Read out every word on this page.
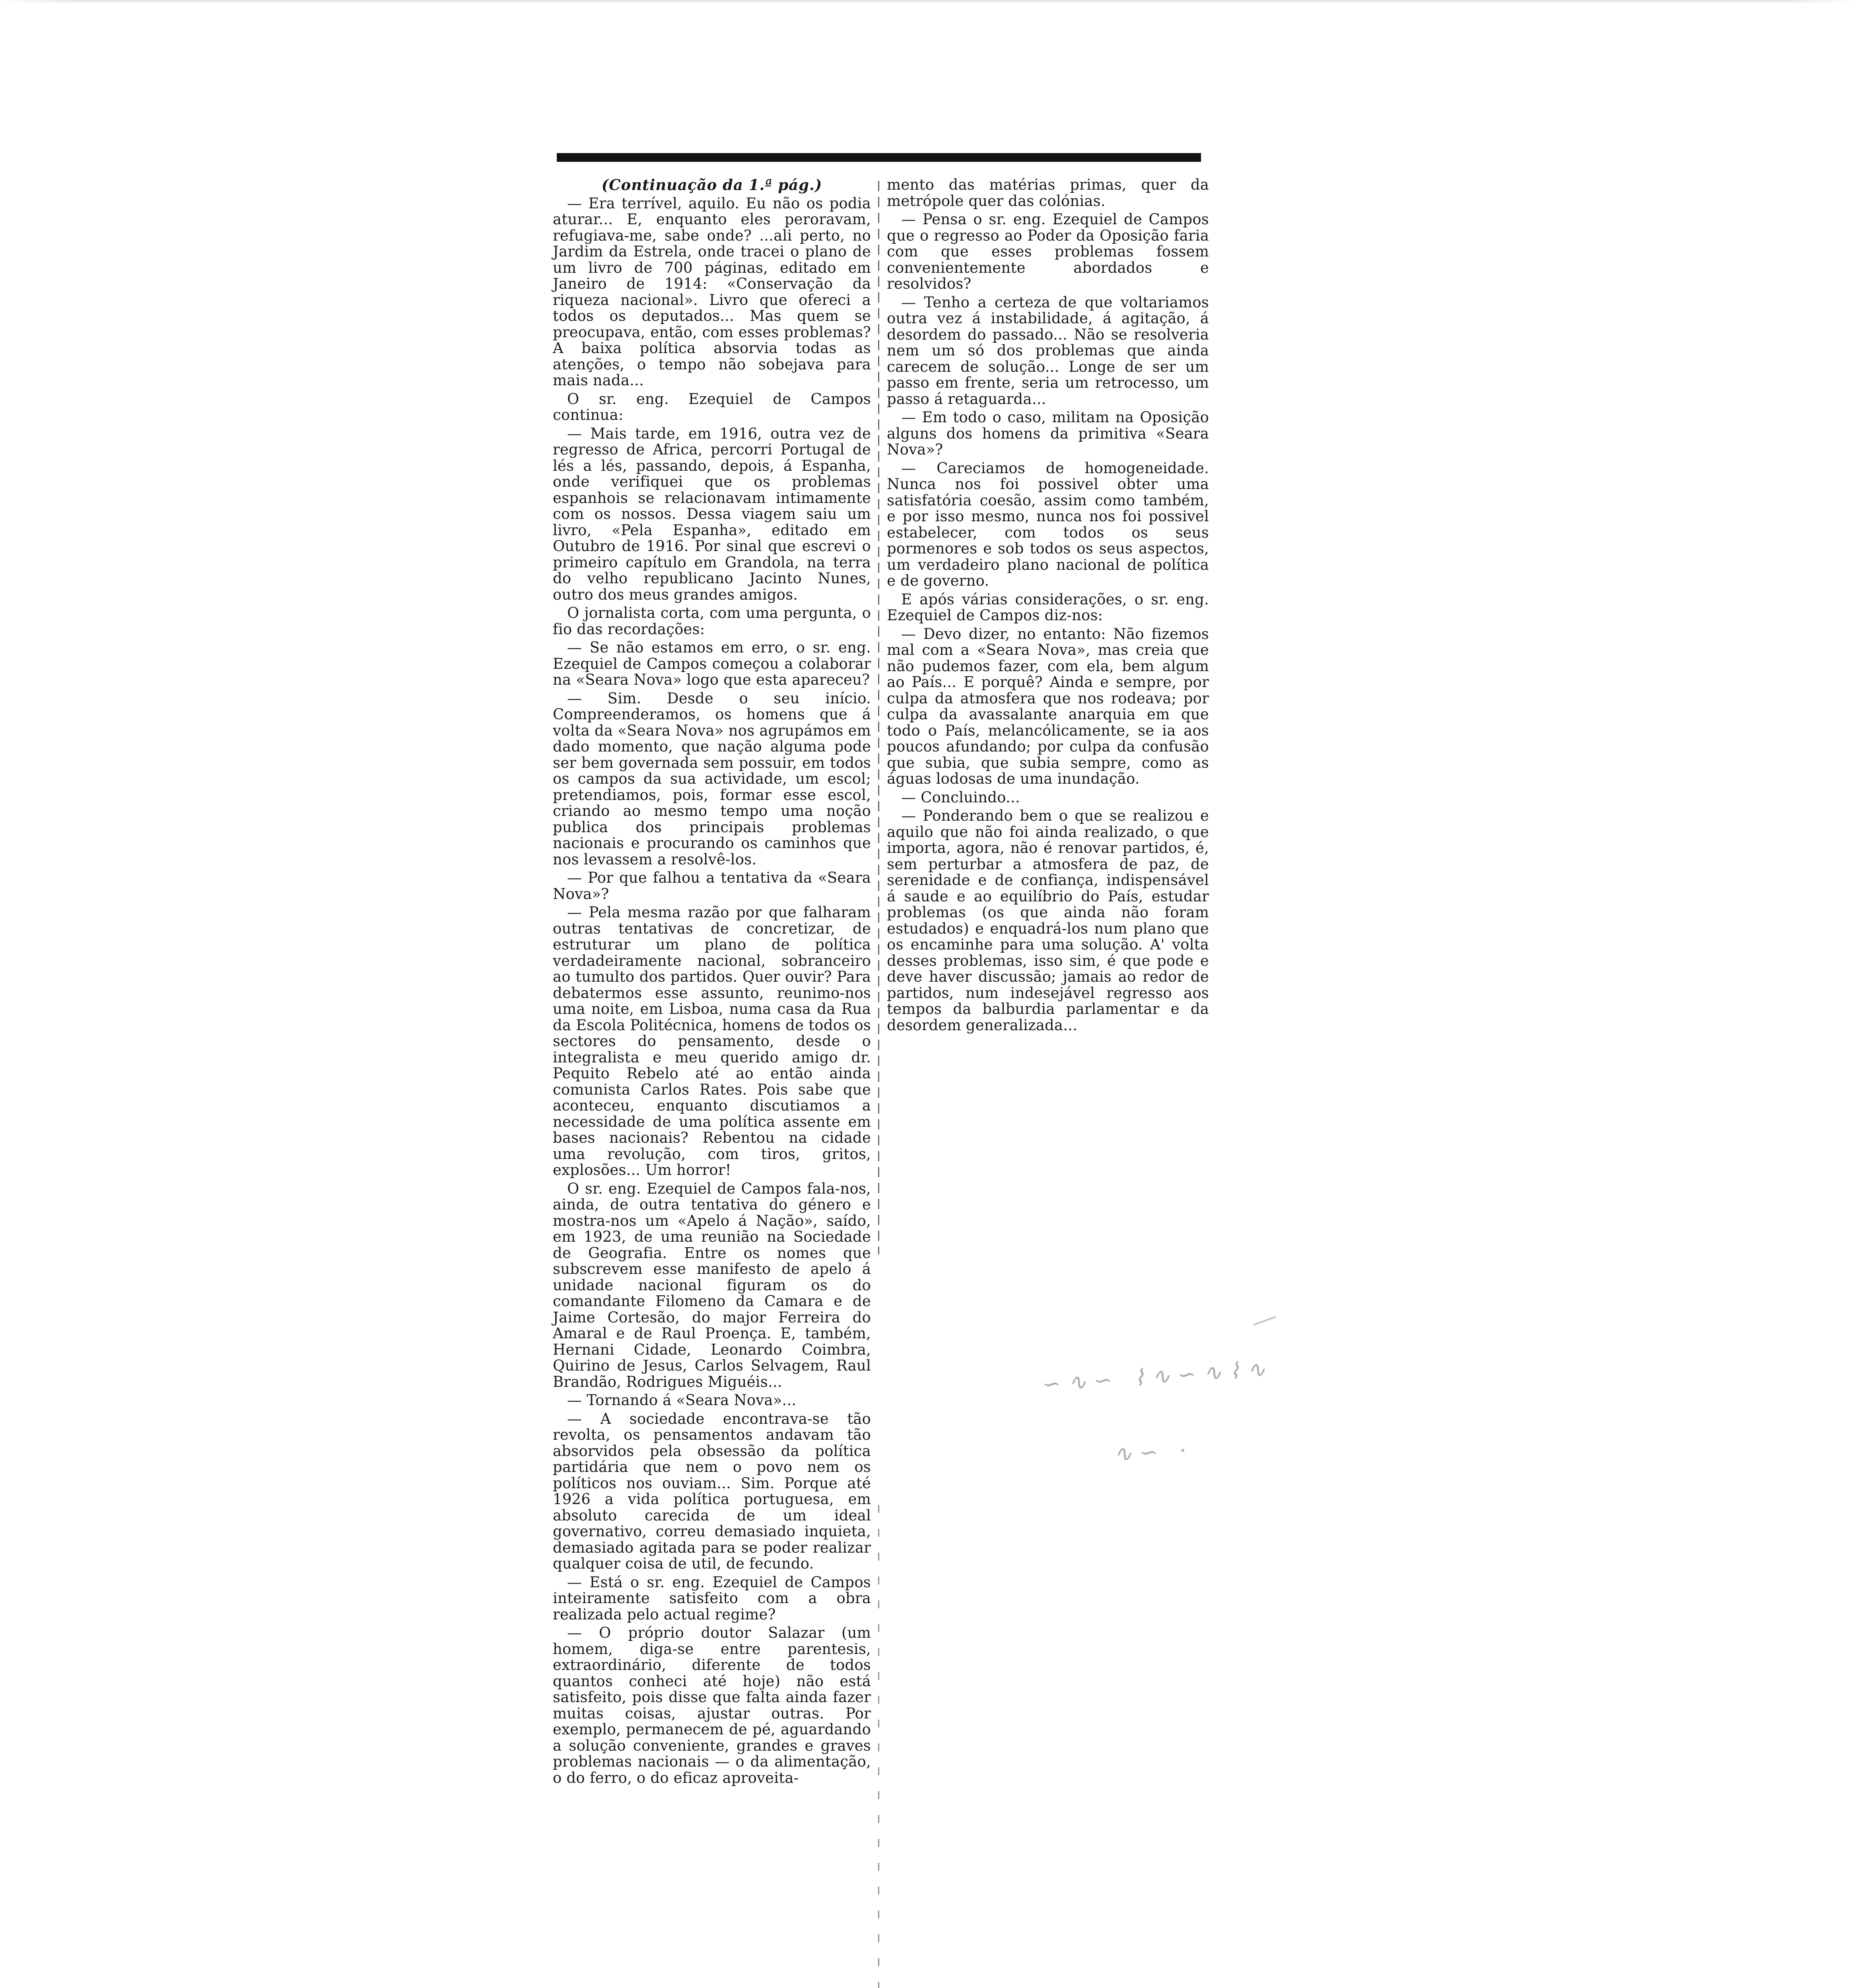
(Continuação da 1.ª pág.)

— Era terrível, aquilo. Eu não os podia aturar... E, enquanto eles peroravam, refugiava-me, sabe onde? ...ali perto, no Jardim da Estrela, onde tracei o plano de um livro de 700 páginas, editado em Janeiro de 1914: «Conservação da riqueza nacional». Livro que ofereci a todos os deputados... Mas quem se preocupava, então, com esses problemas? A baixa política absorvia todas as atenções, o tempo não sobejava para mais nada...

O sr. eng. Ezequiel de Campos continua:

— Mais tarde, em 1916, outra vez de regresso de Africa, percorri Portugal de lés a lés, passando, depois, á Espanha, onde verifiquei que os problemas espanhois se relacionavam intimamente com os nossos. Dessa viagem saiu um livro, «Pela Espanha», editado em Outubro de 1916. Por sinal que escrevi o primeiro capítulo em Grandola, na terra do velho republicano Jacinto Nunes, outro dos meus grandes amigos.

O jornalista corta, com uma pergunta, o fio das recordações:

— Se não estamos em erro, o sr. eng. Ezequiel de Campos começou a colaborar na «Seara Nova» logo que esta apareceu?

— Sim. Desde o seu início. Compreenderamos, os homens que á volta da «Seara Nova» nos agrupámos em dado momento, que nação alguma pode ser bem governada sem possuir, em todos os campos da sua actividade, um escol; pretendiamos, pois, formar esse escol, criando ao mesmo tempo uma noção publica dos principais problemas nacionais e procurando os caminhos que nos levassem a resolvê-los.

— Por que falhou a tentativa da «Seara Nova»?

— Pela mesma razão por que falharam outras tentativas de concretizar, de estruturar um plano de política verdadeiramente nacional, sobranceiro ao tumulto dos partidos. Quer ouvir? Para debatermos esse assunto, reunimo-nos uma noite, em Lisboa, numa casa da Rua da Escola Politécnica, homens de todos os sectores do pensamento, desde o integralista e meu querido amigo dr. Pequito Rebelo até ao então ainda comunista Carlos Rates. Pois sabe que aconteceu, enquanto discutiamos a necessidade de uma política assente em bases nacionais? Rebentou na cidade uma revolução, com tiros, gritos, explosões... Um horror!

O sr. eng. Ezequiel de Campos fala-nos, ainda, de outra tentativa do género e mostra-nos um «Apelo á Nação», saído, em 1923, de uma reunião na Sociedade de Geografia. Entre os nomes que subscrevem esse manifesto de apelo á unidade nacional figuram os do comandante Filomeno da Camara e de Jaime Cortesão, do major Ferreira do Amaral e de Raul Proença. E, também, Hernani Cidade, Leonardo Coimbra, Quirino de Jesus, Carlos Selvagem, Raul Brandão, Rodrigues Miguéis...

— Tornando á «Seara Nova»...

— A sociedade encontrava-se tão revolta, os pensamentos andavam tão absorvidos pela obsessão da política partidária que nem o povo nem os políticos nos ouviam... Sim. Porque até 1926 a vida política portuguesa, em absoluto carecida de um ideal governativo, correu demasiado inquieta, demasiado agitada para se poder realizar qualquer coisa de util, de fecundo.

— Está o sr. eng. Ezequiel de Campos inteiramente satisfeito com a obra realizada pelo actual regime?

— O próprio doutor Salazar (um homem, diga-se entre parentesis, extraordinário, diferente de todos quantos conheci até hoje) não está satisfeito, pois disse que falta ainda fazer muitas coisas, ajustar outras. Por exemplo, permanecem de pé, aguardando a solução conveniente, grandes e graves problemas nacionais — o da alimentação, o do ferro, o do eficaz aproveita-

mento das matérias primas, quer da metrópole quer das colónias.

— Pensa o sr. eng. Ezequiel de Campos que o regresso ao Poder da Oposição faria com que esses problemas fossem convenientemente abordados e resolvidos?

— Tenho a certeza de que voltariamos outra vez á instabilidade, á agitação, á desordem do passado... Não se resolveria nem um só dos problemas que ainda carecem de solução... Longe de ser um passo em frente, seria um retrocesso, um passo á retaguarda...

— Em todo o caso, militam na Oposição alguns dos homens da primitiva «Seara Nova»?

— Careciamos de homogeneidade. Nunca nos foi possivel obter uma satisfatória coesão, assim como também, e por isso mesmo, nunca nos foi possivel estabelecer, com todos os seus pormenores e sob todos os seus aspectos, um verdadeiro plano nacional de política e de governo.

E após várias considerações, o sr. eng. Ezequiel de Campos diz-nos:

— Devo dizer, no entanto: Não fizemos mal com a «Seara Nova», mas creia que não pudemos fazer, com ela, bem algum ao País... E porquê? Ainda e sempre, por culpa da atmosfera que nos rodeava; por culpa da avassalante anarquia em que todo o País, melancólicamente, se ia aos poucos afundando; por culpa da confusão que subia, que subia sempre, como as águas lodosas de uma inundação.

— Concluindo...

— Ponderando bem o que se realizou e aquilo que não foi ainda realizado, o que importa, agora, não é renovar partidos, é, sem perturbar a atmosfera de paz, de serenidade e de confiança, indispensável á saude e ao equilíbrio do País, estudar problemas (os que ainda não foram estudados) e enquadrá-los num plano que os encaminhe para uma solução. A' volta desses problemas, isso sim, é que pode e deve haver discussão; jamais ao redor de partidos, num indesejável regresso aos tempos da balburdia parlamentar e da desordem generalizada...

∽∿∽ ⌇∿∽∿⌇∿
∿∽ ·
